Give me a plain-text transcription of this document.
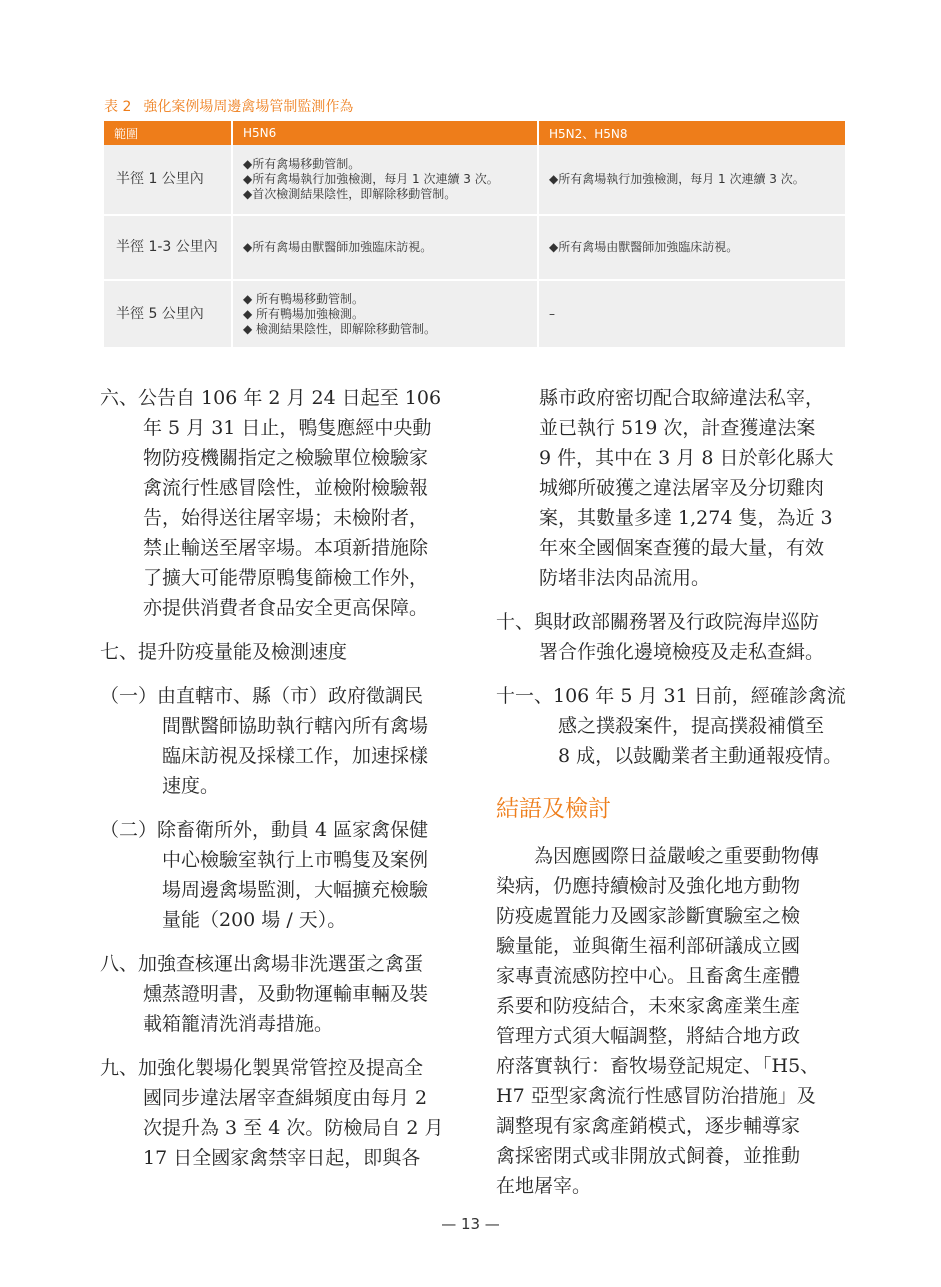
表 2 強化案例場周邊禽場管制監測作為
範圍	H5N6	H5N2、H5N8
半徑 1 公里內	◆所有禽場移動管制。
◆所有禽場執行加強檢測，每月 1 次連續 3 次。
◆首次檢測結果陰性，即解除移動管制。	◆所有禽場執行加強檢測，每月 1 次連續 3 次。

半徑 1-3 公里內	◆所有禽場由獸醫師加強臨床訪視。	◆所有禽場由獸醫師加強臨床訪視。

半徑 5 公里內	◆ 所有鴨場移動管制。
◆ 所有鴨場加強檢測。
◆ 檢測結果陰性，即解除移動管制。	–
六、公告自 106 年 2 月 24 日起至 106
年 5 月 31 日止，鴨隻應經中央動
物防疫機關指定之檢驗單位檢驗家
禽流行性感冒陰性，並檢附檢驗報
告，始得送往屠宰場；未檢附者，
禁止輸送至屠宰場。本項新措施除
了擴大可能帶原鴨隻篩檢工作外，
亦提供消費者食品安全更高保障。
七、提升防疫量能及檢測速度
（一）由直轄市、縣（市）政府徵調民
間獸醫師協助執行轄內所有禽場
臨床訪視及採樣工作，加速採樣
速度。
（二）除畜衛所外，動員 4 區家禽保健
中心檢驗室執行上市鴨隻及案例
場周邊禽場監測，大幅擴充檢驗
量能（200 場 / 天）。
八、加強查核運出禽場非洗選蛋之禽蛋
燻蒸證明書，及動物運輸車輛及裝
載箱籠清洗消毒措施。
九、加強化製場化製異常管控及提高全
國同步違法屠宰查緝頻度由每月 2
次提升為 3 至 4 次。防檢局自 2 月
17 日全國家禽禁宰日起，即與各
縣市政府密切配合取締違法私宰，
並已執行 519 次，計查獲違法案
9 件，其中在 3 月 8 日於彰化縣大
城鄉所破獲之違法屠宰及分切雞肉
案，其數量多達 1,274 隻，為近 3
年來全國個案查獲的最大量，有效
防堵非法肉品流用。
十、與財政部關務署及行政院海岸巡防
署合作強化邊境檢疫及走私查緝。
十一、106 年 5 月 31 日前，經確診禽流
感之撲殺案件，提高撲殺補償至
8 成，以鼓勵業者主動通報疫情。
結語及檢討
為因應國際日益嚴峻之重要動物傳
染病，仍應持續檢討及強化地方動物
防疫處置能力及國家診斷實驗室之檢
驗量能，並與衛生福利部研議成立國
家專責流感防控中心。且畜禽生產體
系要和防疫結合，未來家禽產業生產
管理方式須大幅調整，將結合地方政
府落實執行：畜牧場登記規定、「H5、
H7 亞型家禽流行性感冒防治措施」及
調整現有家禽產銷模式，逐步輔導家
禽採密閉式或非開放式飼養，並推動
在地屠宰。
— 13 —
